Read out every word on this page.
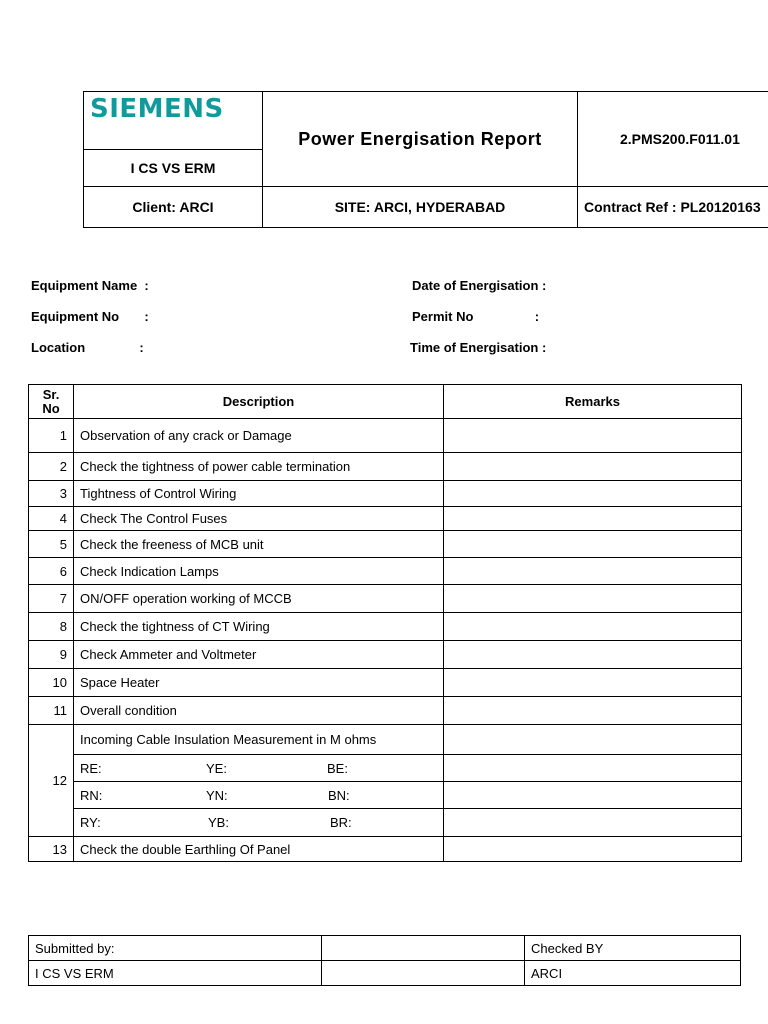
SIEMENS
I CS VS ERM
Power Energisation Report	2.PMS200.F011.01
Client: ARCI	SITE: ARCI, HYDERABAD	Contract Ref : PL20120163
Equipment Name  :
Equipment No       :
Location               :
Date of Energisation :
Permit No                 :
Time of Energisation :
Sr. No	Description	Remarks
1	Observation of any crack or Damage	
2	Check the tightness of power cable termination	
3	Tightness of Control Wiring	
4	Check The Control Fuses	
5	Check the freeness of MCB unit	
6	Check Indication Lamps	
7	ON/OFF operation working of MCCB	
8	Check the tightness of CT Wiring	
9	Check Ammeter and Voltmeter	
10	Space Heater	
11	Overall condition	
12	Incoming Cable Insulation Measurement in M ohms	
	RE: YE: BE:	
	RN: YN: BN:	
	RY: YB: BR:	
13	Check the double Earthling Of Panel	
Submitted by:		Checked BY
I CS VS ERM		ARCI
